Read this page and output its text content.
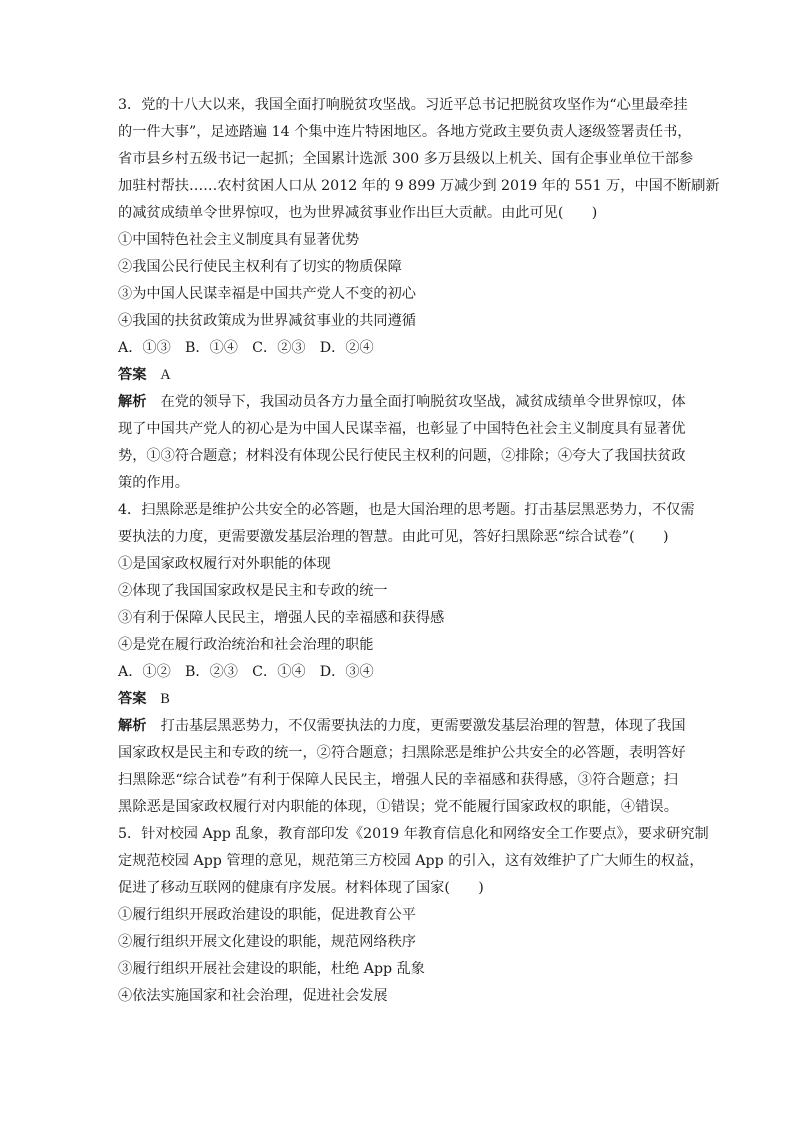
3．党的十八大以来，我国全面打响脱贫攻坚战。习近平总书记把脱贫攻坚作为“心里最牵挂
的一件大事”，足迹踏遍 14 个集中连片特困地区。各地方党政主要负责人逐级签署责任书，
省市县乡村五级书记一起抓；全国累计选派 300 多万县级以上机关、国有企事业单位干部参
加驻村帮扶……农村贫困人口从 2012 年的 9 899 万减少到 2019 年的 551 万，中国不断刷新
的减贫成绩单令世界惊叹，也为世界减贫事业作出巨大贡献。由此可见(　　)
①中国特色社会主义制度具有显著优势
②我国公民行使民主权利有了切实的物质保障
③为中国人民谋幸福是中国共产党人不变的初心
④我国的扶贫政策成为世界减贫事业的共同遵循
A．①③　B．①④　C．②③　D．②④
答案 A
解析　在党的领导下，我国动员各方力量全面打响脱贫攻坚战，减贫成绩单令世界惊叹，体
现了中国共产党人的初心是为中国人民谋幸福，也彰显了中国特色社会主义制度具有显著优
势，①③符合题意；材料没有体现公民行使民主权利的问题，②排除；④夸大了我国扶贫政
策的作用。
4．扫黑除恶是维护公共安全的必答题，也是大国治理的思考题。打击基层黑恶势力，不仅需
要执法的力度，更需要激发基层治理的智慧。由此可见，答好扫黑除恶“综合试卷”(　　)
①是国家政权履行对外职能的体现
②体现了我国国家政权是民主和专政的统一
③有利于保障人民民主，增强人民的幸福感和获得感
④是党在履行政治统治和社会治理的职能
A．①②　B．②③　C．①④　D．③④
答案 B
解析　打击基层黑恶势力，不仅需要执法的力度，更需要激发基层治理的智慧，体现了我国
国家政权是民主和专政的统一，②符合题意；扫黑除恶是维护公共安全的必答题，表明答好
扫黑除恶“综合试卷”有利于保障人民民主，增强人民的幸福感和获得感，③符合题意；扫
黑除恶是国家政权履行对内职能的体现，①错误；党不能履行国家政权的职能，④错误。
5．针对校园 App 乱象，教育部印发《2019 年教育信息化和网络安全工作要点》，要求研究制
定规范校园 App 管理的意见，规范第三方校园 App 的引入，这有效维护了广大师生的权益，
促进了移动互联网的健康有序发展。材料体现了国家(　　)
①履行组织开展政治建设的职能，促进教育公平
②履行组织开展文化建设的职能，规范网络秩序
③履行组织开展社会建设的职能，杜绝 App 乱象
④依法实施国家和社会治理，促进社会发展
